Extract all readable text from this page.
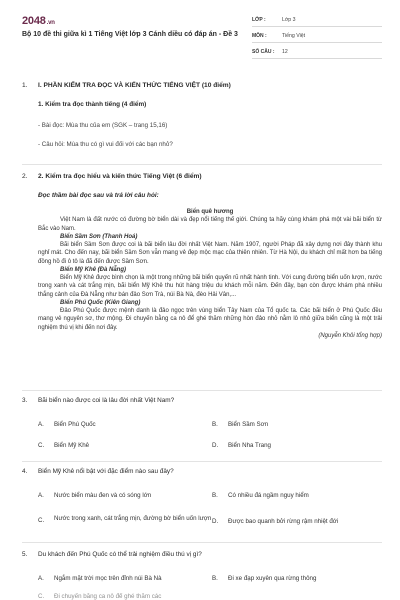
2048.vn
Bộ 10 đề thi giữa kì 1 Tiếng Việt lớp 3 Cánh diều có đáp án - Đề 3
LỚP :	Lớp 3
MÔN :	Tiếng Việt
SỐ CÂU :	12
1. I. PHẦN KIỂM TRA ĐỌC VÀ KIẾN THỨC TIẾNG VIỆT (10 điểm)
1. Kiểm tra đọc thành tiếng (4 điểm)
- Bài đọc: Mùa thu của em (SGK – trang 15,16)
- Câu hỏi: Mùa thu có gì vui đối với các bạn nhỏ?
2. 2. Kiểm tra đọc hiểu và kiến thức Tiếng Việt (6 điểm)
Đọc thầm bài đọc sau và trả lời câu hỏi:
Biển quê hương
Việt Nam là đất nước có đường bờ biển dài và đẹp nổi tiếng thế giới. Chúng ta hãy cùng khám phá một vài bãi biển từ Bắc vào Nam.
Biển Sầm Sơn (Thanh Hoá)
Bãi biển Sầm Sơn được coi là bãi biển lâu đời nhất Việt Nam. Năm 1907, người Pháp đã xây dựng nơi đây thành khu nghỉ mát. Cho đến nay, bãi biển Sầm Sơn vẫn mang vẻ đẹp mộc mạc của thiên nhiên. Từ Hà Nội, du khách chỉ mất hơn ba tiếng đồng hồ đi ô tô là đã đến được Sầm Sơn.
Biển Mỹ Khê (Đà Nẵng)
Biển Mỹ Khê được bình chọn là một trong những bãi biển quyến rũ nhất hành tinh. Với cung đường biển uốn lượn, nước trong xanh và cát trắng mịn, bãi biển Mỹ Khê thu hút hàng triệu du khách mỗi năm. Đến đây, bạn còn được khám phá nhiều thắng cảnh của Đà Nẵng như bán đảo Sơn Trà, núi Bà Nà, đèo Hải Vân,...
Biển Phú Quốc (Kiên Giang)
Đảo Phú Quốc được mệnh danh là đảo ngọc trên vùng biển Tây Nam của Tổ quốc ta. Các bãi biển ở Phú Quốc đều mang vẻ nguyên sơ, thơ mộng. Đi chuyến bằng ca nô để ghé thăm những hòn đảo nhỏ nằm lô nhô giữa biển cũng là một trải nghiệm thú vị khi đến nơi đây.
(Nguyễn Khôi tổng hợp)
3.	Bãi biển nào được coi là lâu đời nhất Việt Nam?
A. Biển Phú Quốc	B. Biển Sầm Sơn
C. Biển Mỹ Khê	D. Biển Nha Trang
4.	Biển Mỹ Khê nổi bật với đặc điểm nào sau đây?
A. Nước biển màu đen và có sóng lớn	B. Có nhiều đá ngầm nguy hiểm
C. Nước trong xanh, cát trắng mịn, đường bờ biển uốn lượn D. Được bao quanh bởi rừng rậm nhiệt đới
5.	Du khách đến Phú Quốc có thể trải nghiệm điều thú vị gì?
A. Ngắm mặt trời mọc trên đỉnh núi Bà Nà	B. Đi xe đạp xuyên qua rừng thông
C. Đi chuyến bằng ca nô để ghé thăm các
